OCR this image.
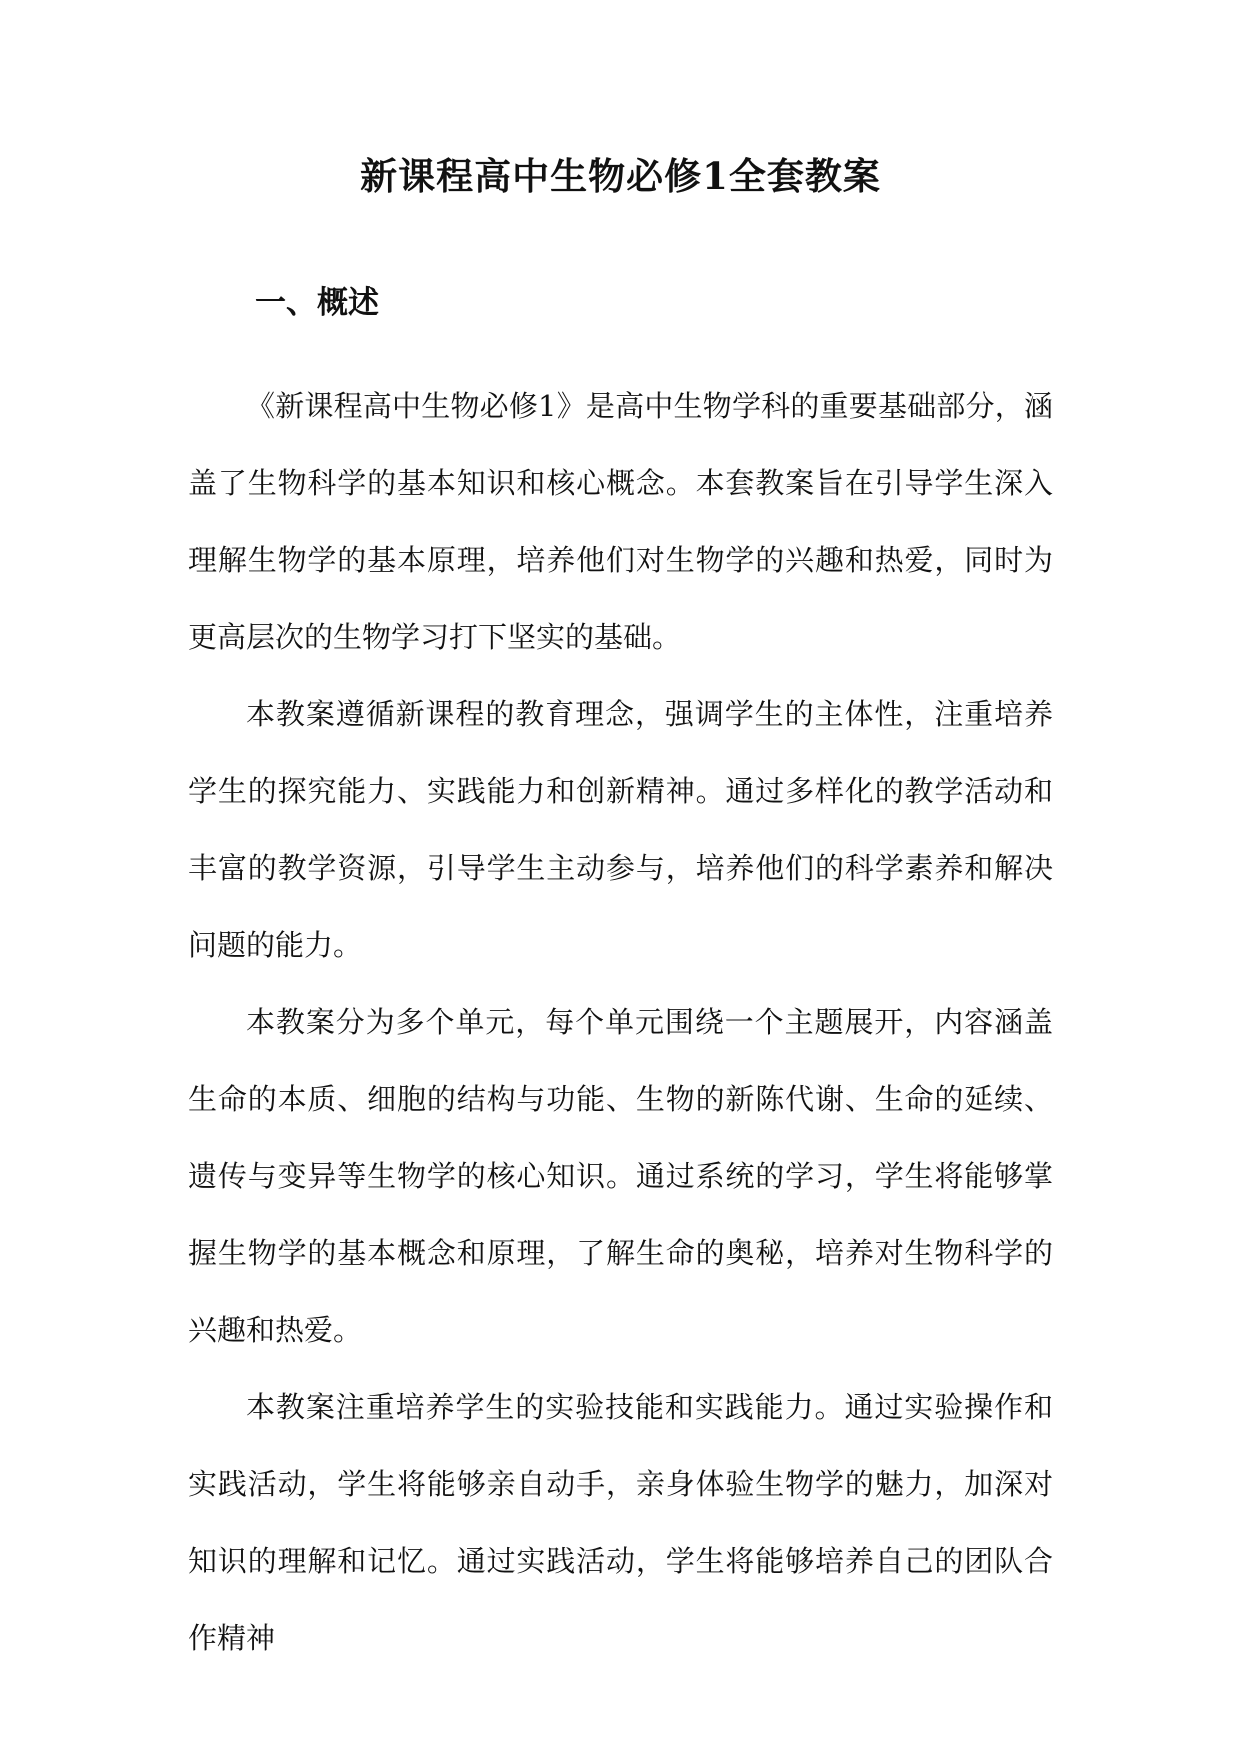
新课程高中生物必修1全套教案
一、概述

《新课程高中生物必修1》是高中生物学科的重要基础部分，涵盖了生物科学的基本知识和核心概念。本套教案旨在引导学生深入理解生物学的基本原理，培养他们对生物学的兴趣和热爱，同时为更高层次的生物学习打下坚实的基础。

本教案遵循新课程的教育理念，强调学生的主体性，注重培养学生的探究能力、实践能力和创新精神。通过多样化的教学活动和丰富的教学资源，引导学生主动参与，培养他们的科学素养和解决问题的能力。

本教案分为多个单元，每个单元围绕一个主题展开，内容涵盖生命的本质、细胞的结构与功能、生物的新陈代谢、生命的延续、遗传与变异等生物学的核心知识。通过系统的学习，学生将能够掌握生物学的基本概念和原理，了解生命的奥秘，培养对生物科学的兴趣和热爱。

本教案注重培养学生的实验技能和实践能力。通过实验操作和实践活动，学生将能够亲自动手，亲身体验生物学的魅力，加深对知识的理解和记忆。通过实践活动，学生将能够培养自己的团队合作精神
